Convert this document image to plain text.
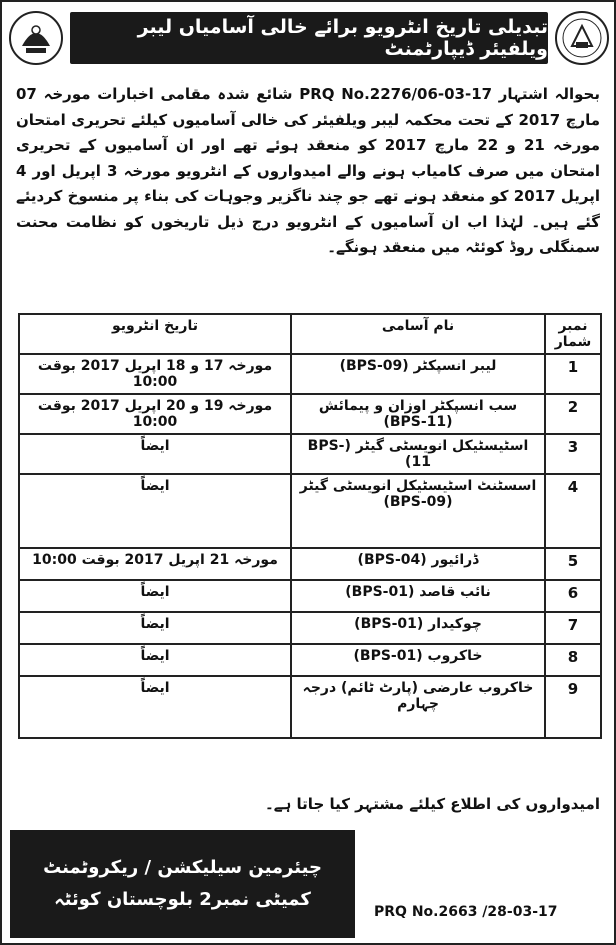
تبدیلی تاریخ انٹرویو برائے خالی آسامیاں لیبر ویلفیئر ڈیپارٹمنٹ

بحوالہ اشتہار PRQ No.2276/06-03-17 شائع شدہ مقامی اخبارات مورخہ 07 مارچ 2017 کے تحت محکمہ لیبر ویلفیئر کی خالی آسامیوں کیلئے تحریری امتحان مورخہ 21 و 22 مارچ 2017 کو منعقد ہوئے تھے اور ان آسامیوں کے تحریری امتحان میں صرف کامیاب ہونے والے امیدواروں کے انٹرویو مورخہ 3 اپریل اور 4 اپریل 2017 کو منعقد ہونے تھے جو چند ناگزیر وجوہات کی بناء پر منسوخ کردیئے گئے ہیں۔ لہٰذا اب ان آسامیوں کے انٹرویو درج ذیل تاریخوں کو نظامت محنت سمنگلی روڈ کوئٹہ میں منعقد ہونگے۔

نمبر شمار	نام آسامی	تاریخ انٹرویو
1	لیبر انسپکٹر (BPS-09)	مورخہ 17 و 18 اپریل 2017 بوقت 10:00
2	سب انسپکٹر اوزان و پیمائش (BPS-11)	مورخہ 19 و 20 اپریل 2017 بوقت 10:00
3	اسٹیسٹیکل انویسٹی گیٹر (BPS-11)	ایضاً
4	اسسٹنٹ اسٹیسٹیکل انویسٹی گیٹر (BPS-09)	ایضاً
5	ڈرائیور (BPS-04)	مورخہ 21 اپریل 2017 بوقت 10:00
6	نائب قاصد (BPS-01)	ایضاً
7	چوکیدار (BPS-01)	ایضاً
8	خاکروب (BPS-01)	ایضاً
9	خاکروب عارضی (پارٹ ٹائم) درجہ چہارم	ایضاً
امیدواروں کی اطلاع کیلئے مشتہر کیا جاتا ہے۔
چیئرمین سیلیکشن / ریکروٹمنٹ
کمیٹی نمبر2 بلوچستان کوئٹہ
PRQ No.2663 /28-03-17
